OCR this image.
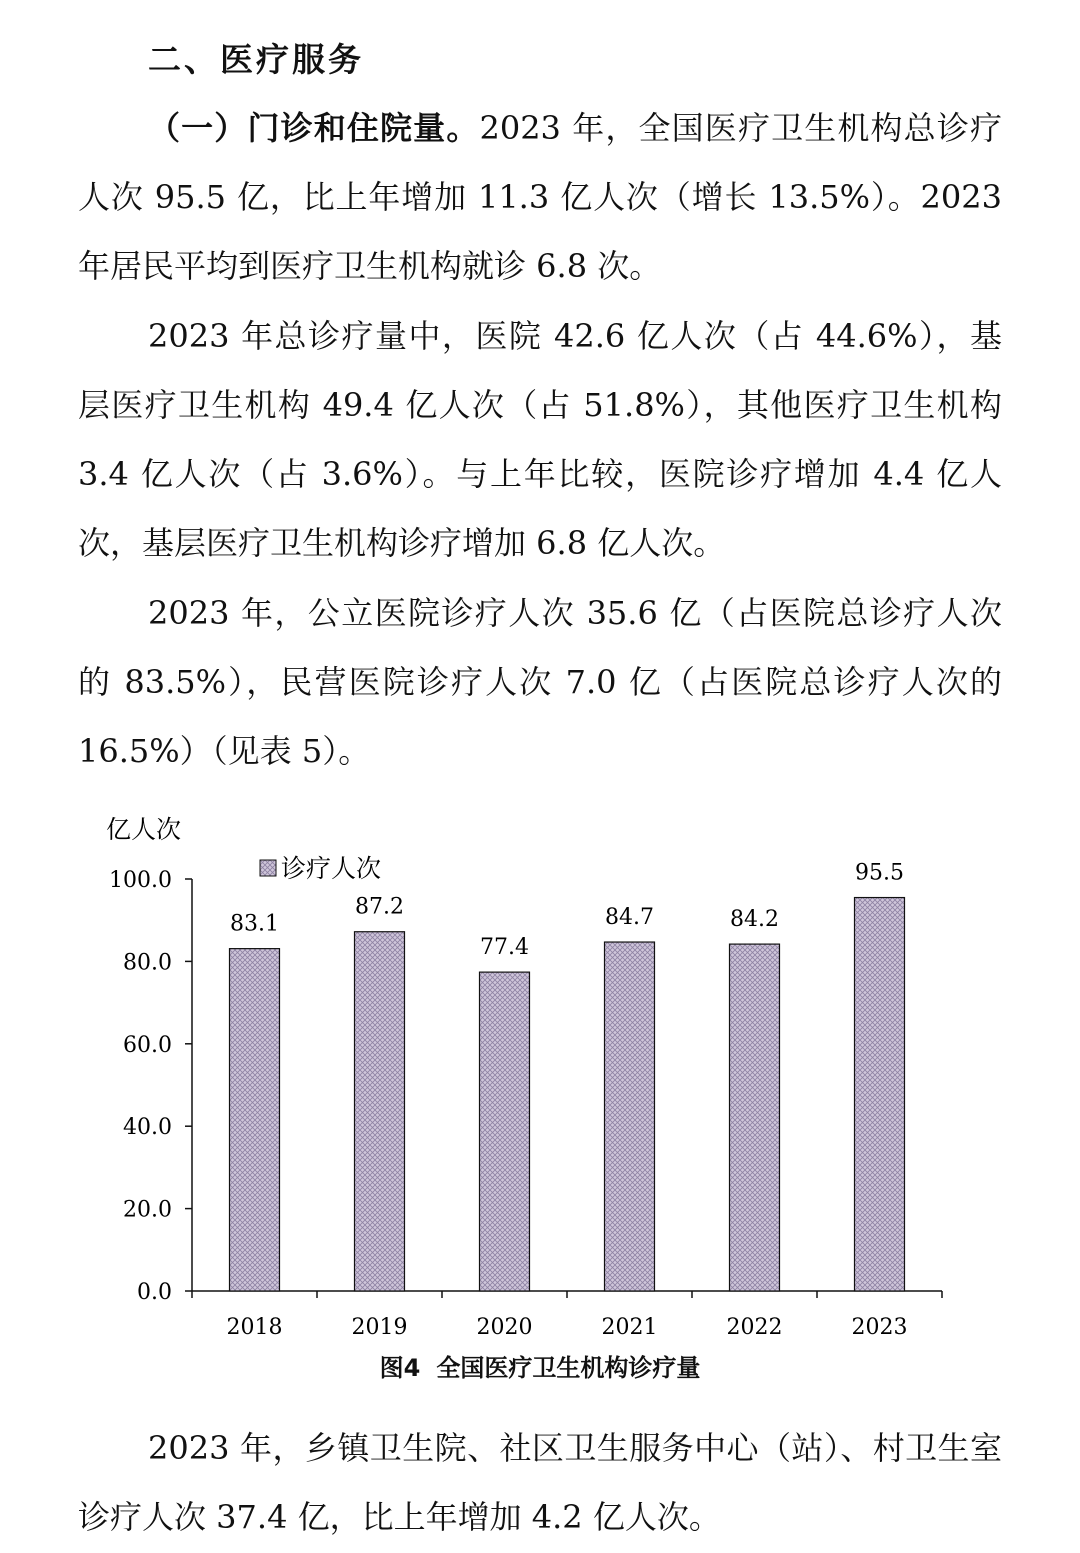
二、医疗服务

（一）门诊和住院量。2023 年，全国医疗卫生机构总诊疗人次 95.5 亿，比上年增加 11.3 亿人次（增长 13.5%）。2023 年居民平均到医疗卫生机构就诊 6.8 次。

2023 年总诊疗量中，医院 42.6 亿人次（占 44.6%），基层医疗卫生机构 49.4 亿人次（占 51.8%），其他医疗卫生机构 3.4 亿人次（占 3.6%）。与上年比较，医院诊疗增加 4.4 亿人次，基层医疗卫生机构诊疗增加 6.8 亿人次。

2023 年，公立医院诊疗人次 35.6 亿（占医院总诊疗人次的 83.5%），民营医院诊疗人次 7.0 亿（占医院总诊疗人次的 16.5%）（见表 5）。

亿人次
0.0
20.0
40.0
60.0
80.0
100.0
83.1
2018
87.2
2019
77.4
2020
84.7
2021
84.2
2022
95.5
2023
诊疗人次

图4 全国医疗卫生机构诊疗量

2023 年，乡镇卫生院、社区卫生服务中心（站）、村卫生室诊疗人次 37.4 亿，比上年增加 4.2 亿人次。
